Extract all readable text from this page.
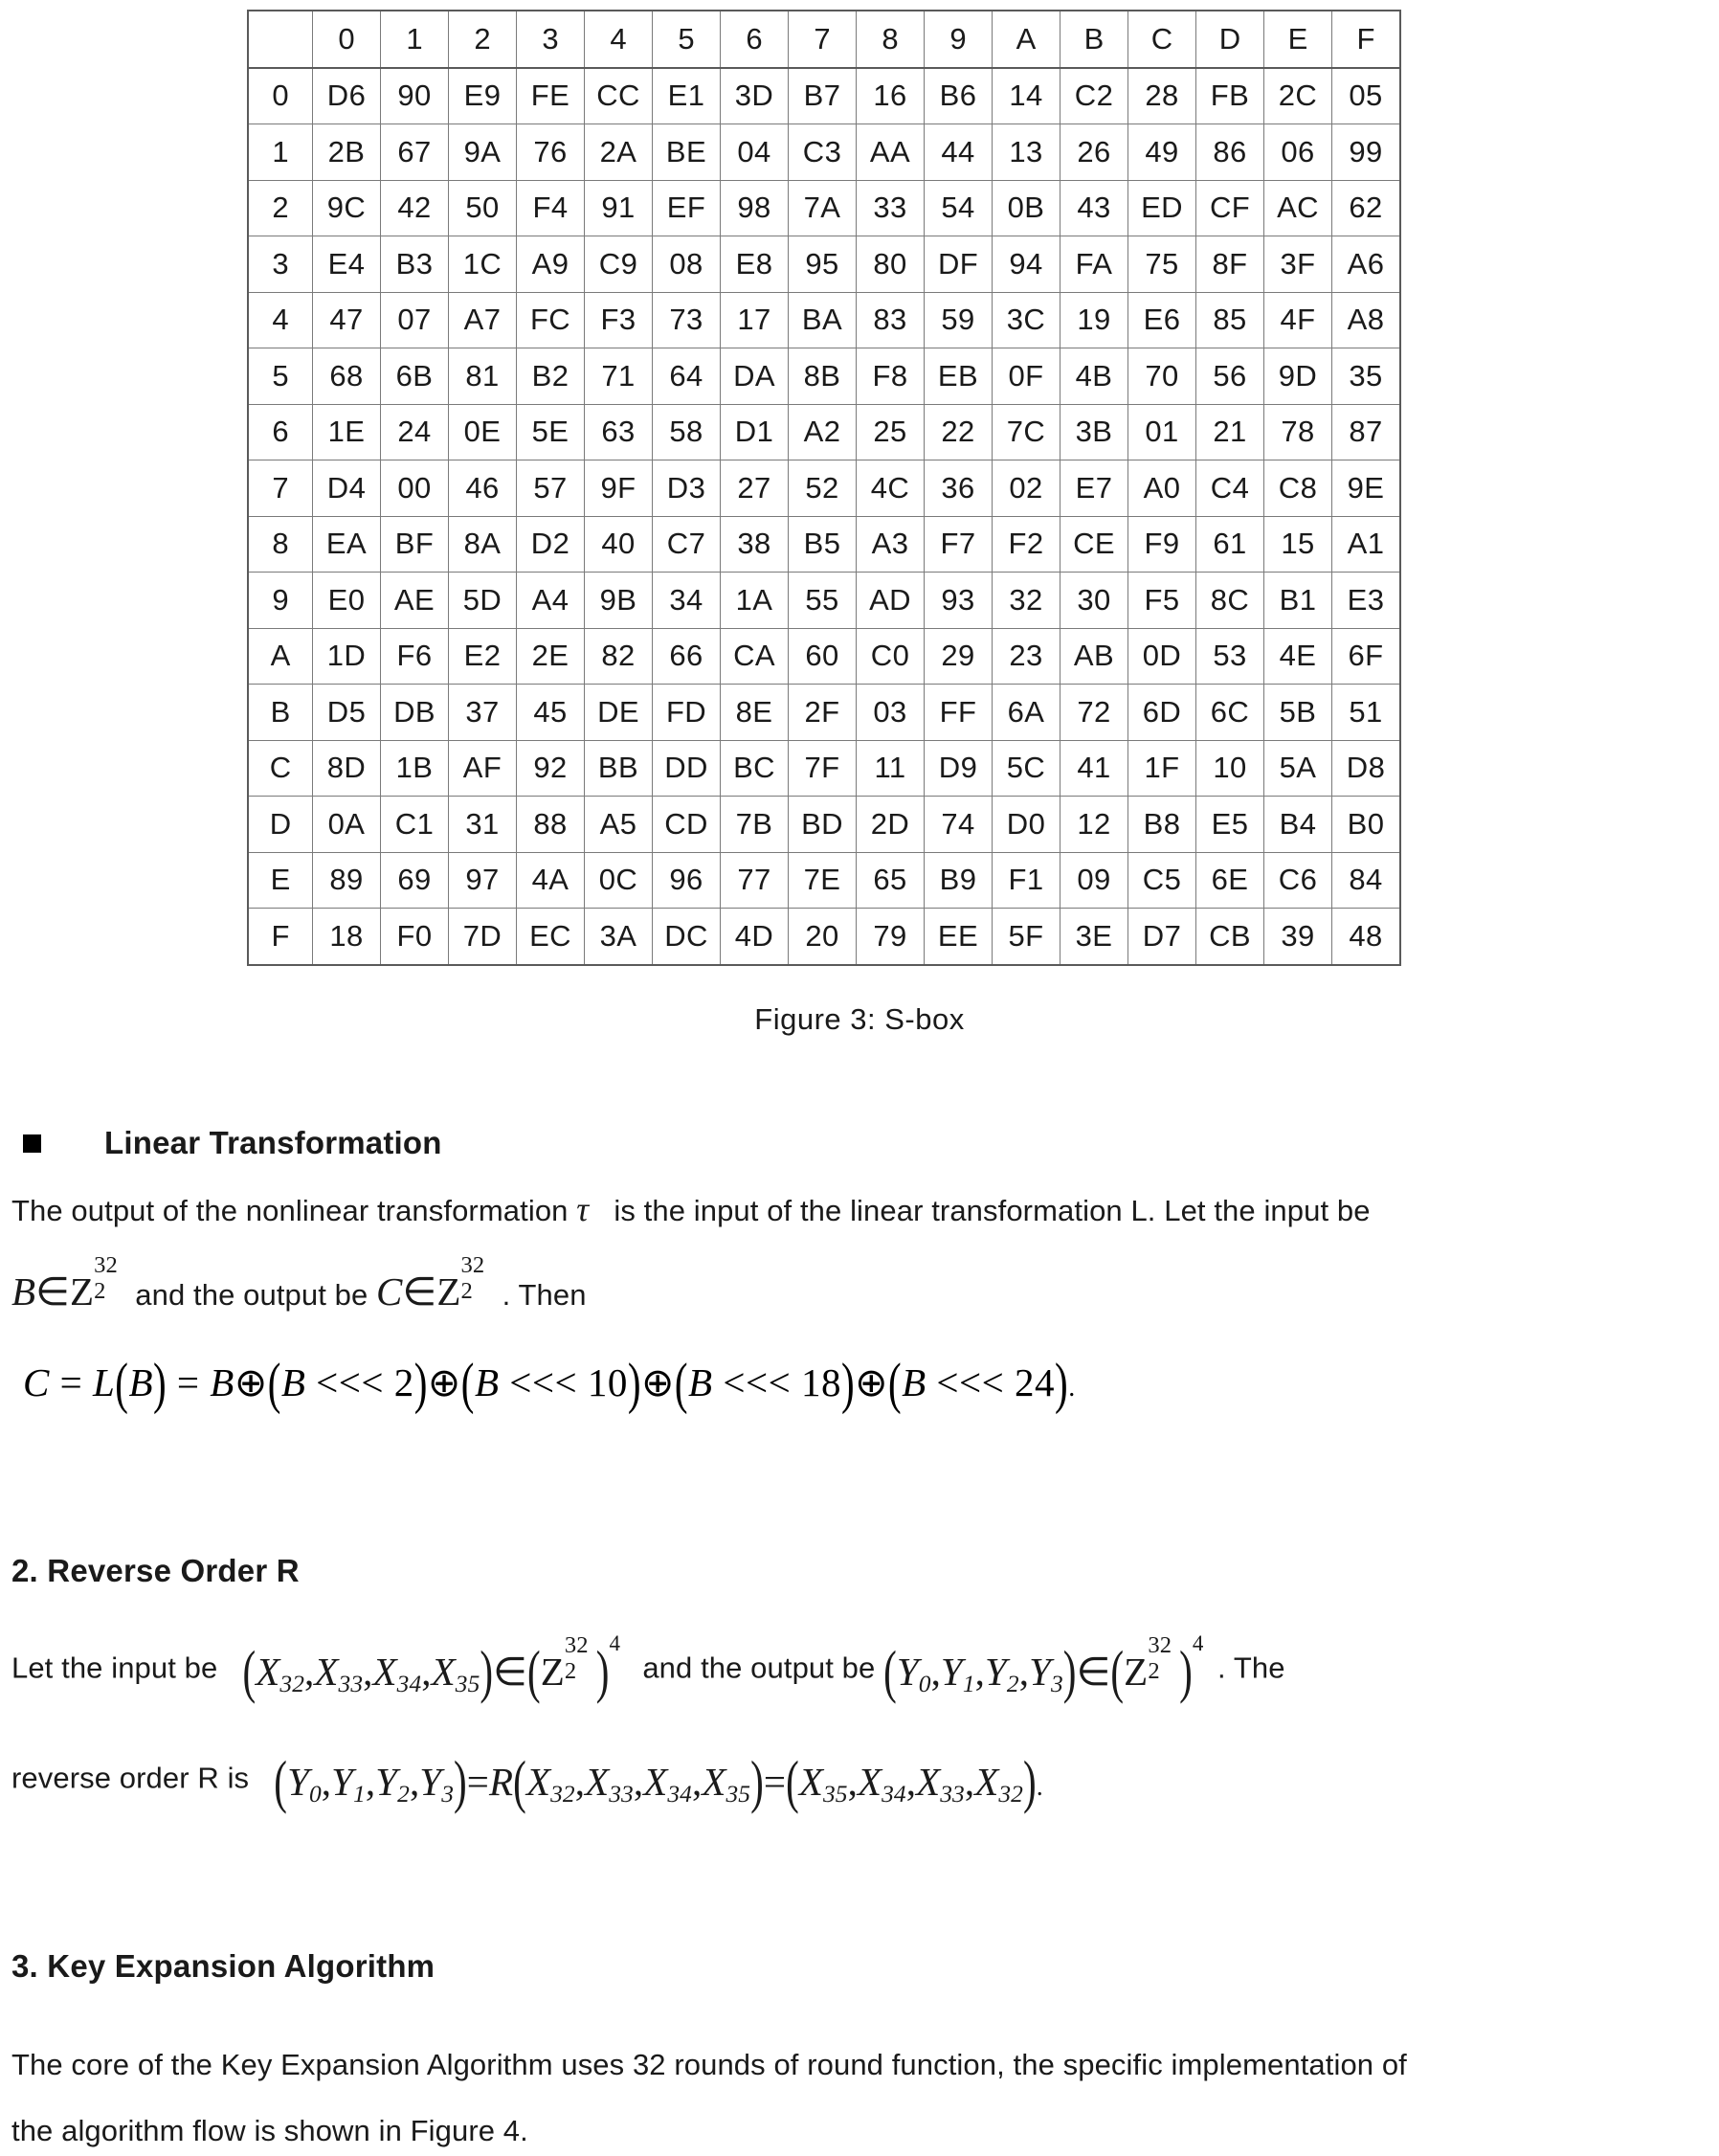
	0	1	2	3	4	5	6	7	8	9	A	B	C	D	E	F
0	D6	90	E9	FE	CC	E1	3D	B7	16	B6	14	C2	28	FB	2C	05
1	2B	67	9A	76	2A	BE	04	C3	AA	44	13	26	49	86	06	99
2	9C	42	50	F4	91	EF	98	7A	33	54	0B	43	ED	CF	AC	62
3	E4	B3	1C	A9	C9	08	E8	95	80	DF	94	FA	75	8F	3F	A6
4	47	07	A7	FC	F3	73	17	BA	83	59	3C	19	E6	85	4F	A8
5	68	6B	81	B2	71	64	DA	8B	F8	EB	0F	4B	70	56	9D	35
6	1E	24	0E	5E	63	58	D1	A2	25	22	7C	3B	01	21	78	87
7	D4	00	46	57	9F	D3	27	52	4C	36	02	E7	A0	C4	C8	9E
8	EA	BF	8A	D2	40	C7	38	B5	A3	F7	F2	CE	F9	61	15	A1
9	E0	AE	5D	A4	9B	34	1A	55	AD	93	32	30	F5	8C	B1	E3
A	1D	F6	E2	2E	82	66	CA	60	C0	29	23	AB	0D	53	4E	6F
B	D5	DB	37	45	DE	FD	8E	2F	03	FF	6A	72	6D	6C	5B	51
C	8D	1B	AF	92	BB	DD	BC	7F	11	D9	5C	41	1F	10	5A	D8
D	0A	C1	31	88	A5	CD	7B	BD	2D	74	D0	12	B8	E5	B4	B0
E	89	69	97	4A	0C	96	77	7E	65	B9	F1	09	C5	6E	C6	84
F	18	F0	7D	EC	3A	DC	4D	20	79	EE	5F	3E	D7	CB	39	48
Figure 3: S-box
Linear Transformation
The output of the nonlinear transformation τ is the input of the linear transformation L. Let the input be
B∈Z
32
2 and the output be C∈Z
32
2 . Then
C = L(B) = B⊕(B <<< 2)⊕(B <<< 10)⊕(B <<< 18)⊕(B <<< 24).
2. Reverse Order R
Let the input be $(X_{32},X_{33},X_{34},X_{35})\in(Z$
32
2 ) 4
and the output be $(Y_0,Y_1,Y_2,Y_3)\in(Z$
32
2 ) 4
. The
reverse order R is $(Y_0,Y_1,Y_2,Y_3)=R(X_{32},X_{33},X_{34},X_{35})=(X_{35},X_{34},X_{33},X_{32})$.
3. Key Expansion Algorithm
The core of the Key Expansion Algorithm uses 32 rounds of round function, the specific implementation of
the algorithm flow is shown in Figure 4.
